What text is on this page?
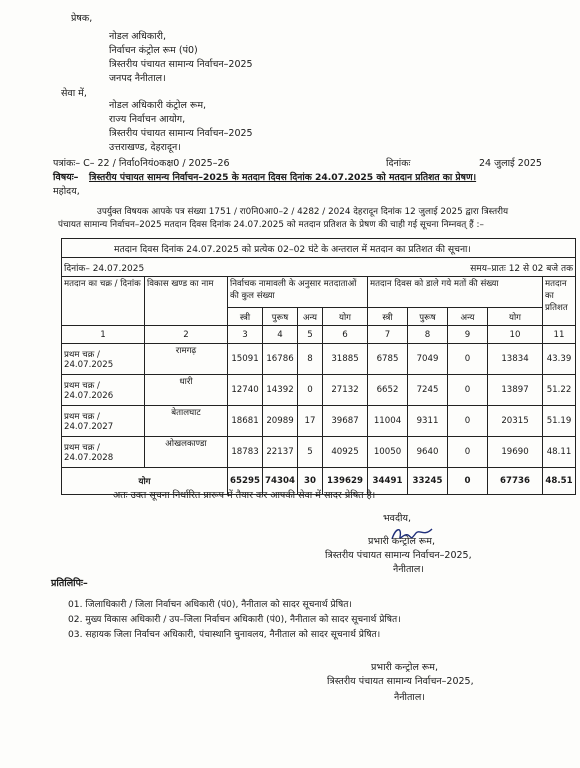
प्रेषक,
नोडल अधिकारी,
निर्वाचन कंट्रोल रूम (पं0)
त्रिस्तरीय पंचायत सामान्य निर्वाचन–2025
जनपद नैनीताल।
सेवा में,
नोडल अधिकारी कंट्रोल रूम,
राज्य निर्वाचन आयोग,
त्रिस्तरीय पंचायत सामान्य निर्वाचन–2025
उत्तराखण्ड, देहरादून।
पत्रांकः– C– 22 / निर्वाoनियंoकक्ष0 / 2025–26	दिनांकः	24 जुलाई 2025
विषयः– त्रिस्तरीय पंचायत सामन्य निर्वाचन–2025 के मतदान दिवस दिनांक 24.07.2025 को मतदान प्रतिशत का प्रेषण।
महोदय,
उपर्युक्त विषयक आपके पत्र संख्या 1751 / रा0नि0आ0–2 / 4282 / 2024 देहरादून दिनांक 12 जुलाई 2025 द्वारा त्रिस्तरीय
पंचायत सामान्य निर्वाचन–2025 मतदान दिवस दिनांक 24.07.2025 को मतदान प्रतिशत के प्रेषण की चाही गई सूचना निम्नवत् हैं :–
मतदान दिवस दिनांक 24.07.2025 को प्रत्येक 02–02 घंटे के अन्तराल में मतदान का प्रतिशत की सूचना।										
दिनांक– 24.07.2025 समय–प्रातः 12 से 02 बजे तक										

मतदान का चक्र / दिनांक	विकास खण्ड का नाम	निर्वाचक नामावली के अनुसार मतदाताओं की कुल संख्या				मतदान दिवस को डाले गये मतों की संख्या				मतदान का प्रतिशत
		स्त्री	पुरूष	अन्य	योग	स्त्री	पुरूष	अन्य	योग	
1	2	3	4	5	6	7	8	9	10	11
प्रथम चक्र / 24.07.2025	रामगढ़	15091	16786	8	31885	6785	7049	0	13834	43.39
प्रथम चक्र / 24.07.2026	धारी	12740	14392	0	27132	6652	7245	0	13897	51.22
प्रथम चक्र / 24.07.2027	बेतालघाट	18681	20989	17	39687	11004	9311	0	20315	51.19
प्रथम चक्र / 24.07.2028	ओखलकाण्डा	18783	22137	5	40925	10050	9640	0	19690	48.11
योग		65295	74304	30	139629	34491	33245	0	67736	48.51
अतः उक्त सूचना निर्धारित प्रारूप में तैयार कर आपकी सेवा में सादर प्रेषित है।
भवदीय,
प्रभारी कन्ट्रोल रूम,
त्रिस्तरीय पंचायत सामान्य निर्वाचन–2025,
नैनीताल।
प्रतिलिपिः–
01. जिलाधिकारी / जिला निर्वाचन अधिकारी (पं0), नैनीताल को सादर सूचनार्थ प्रेषित।
02. मुख्य विकास अधिकारी / उप–जिला निर्वाचन अधिकारी (पं0), नैनीताल को सादर सूचनार्थ प्रेषित।
03. सहायक जिला निर्वाचन अधिकारी, पंचास्थानि चुनावलय, नैनीताल को सादर सूचनार्थ प्रेषित।
प्रभारी कन्ट्रोल रूम,
त्रिस्तरीय पंचायत सामान्य निर्वाचन–2025,
नैनीताल।
